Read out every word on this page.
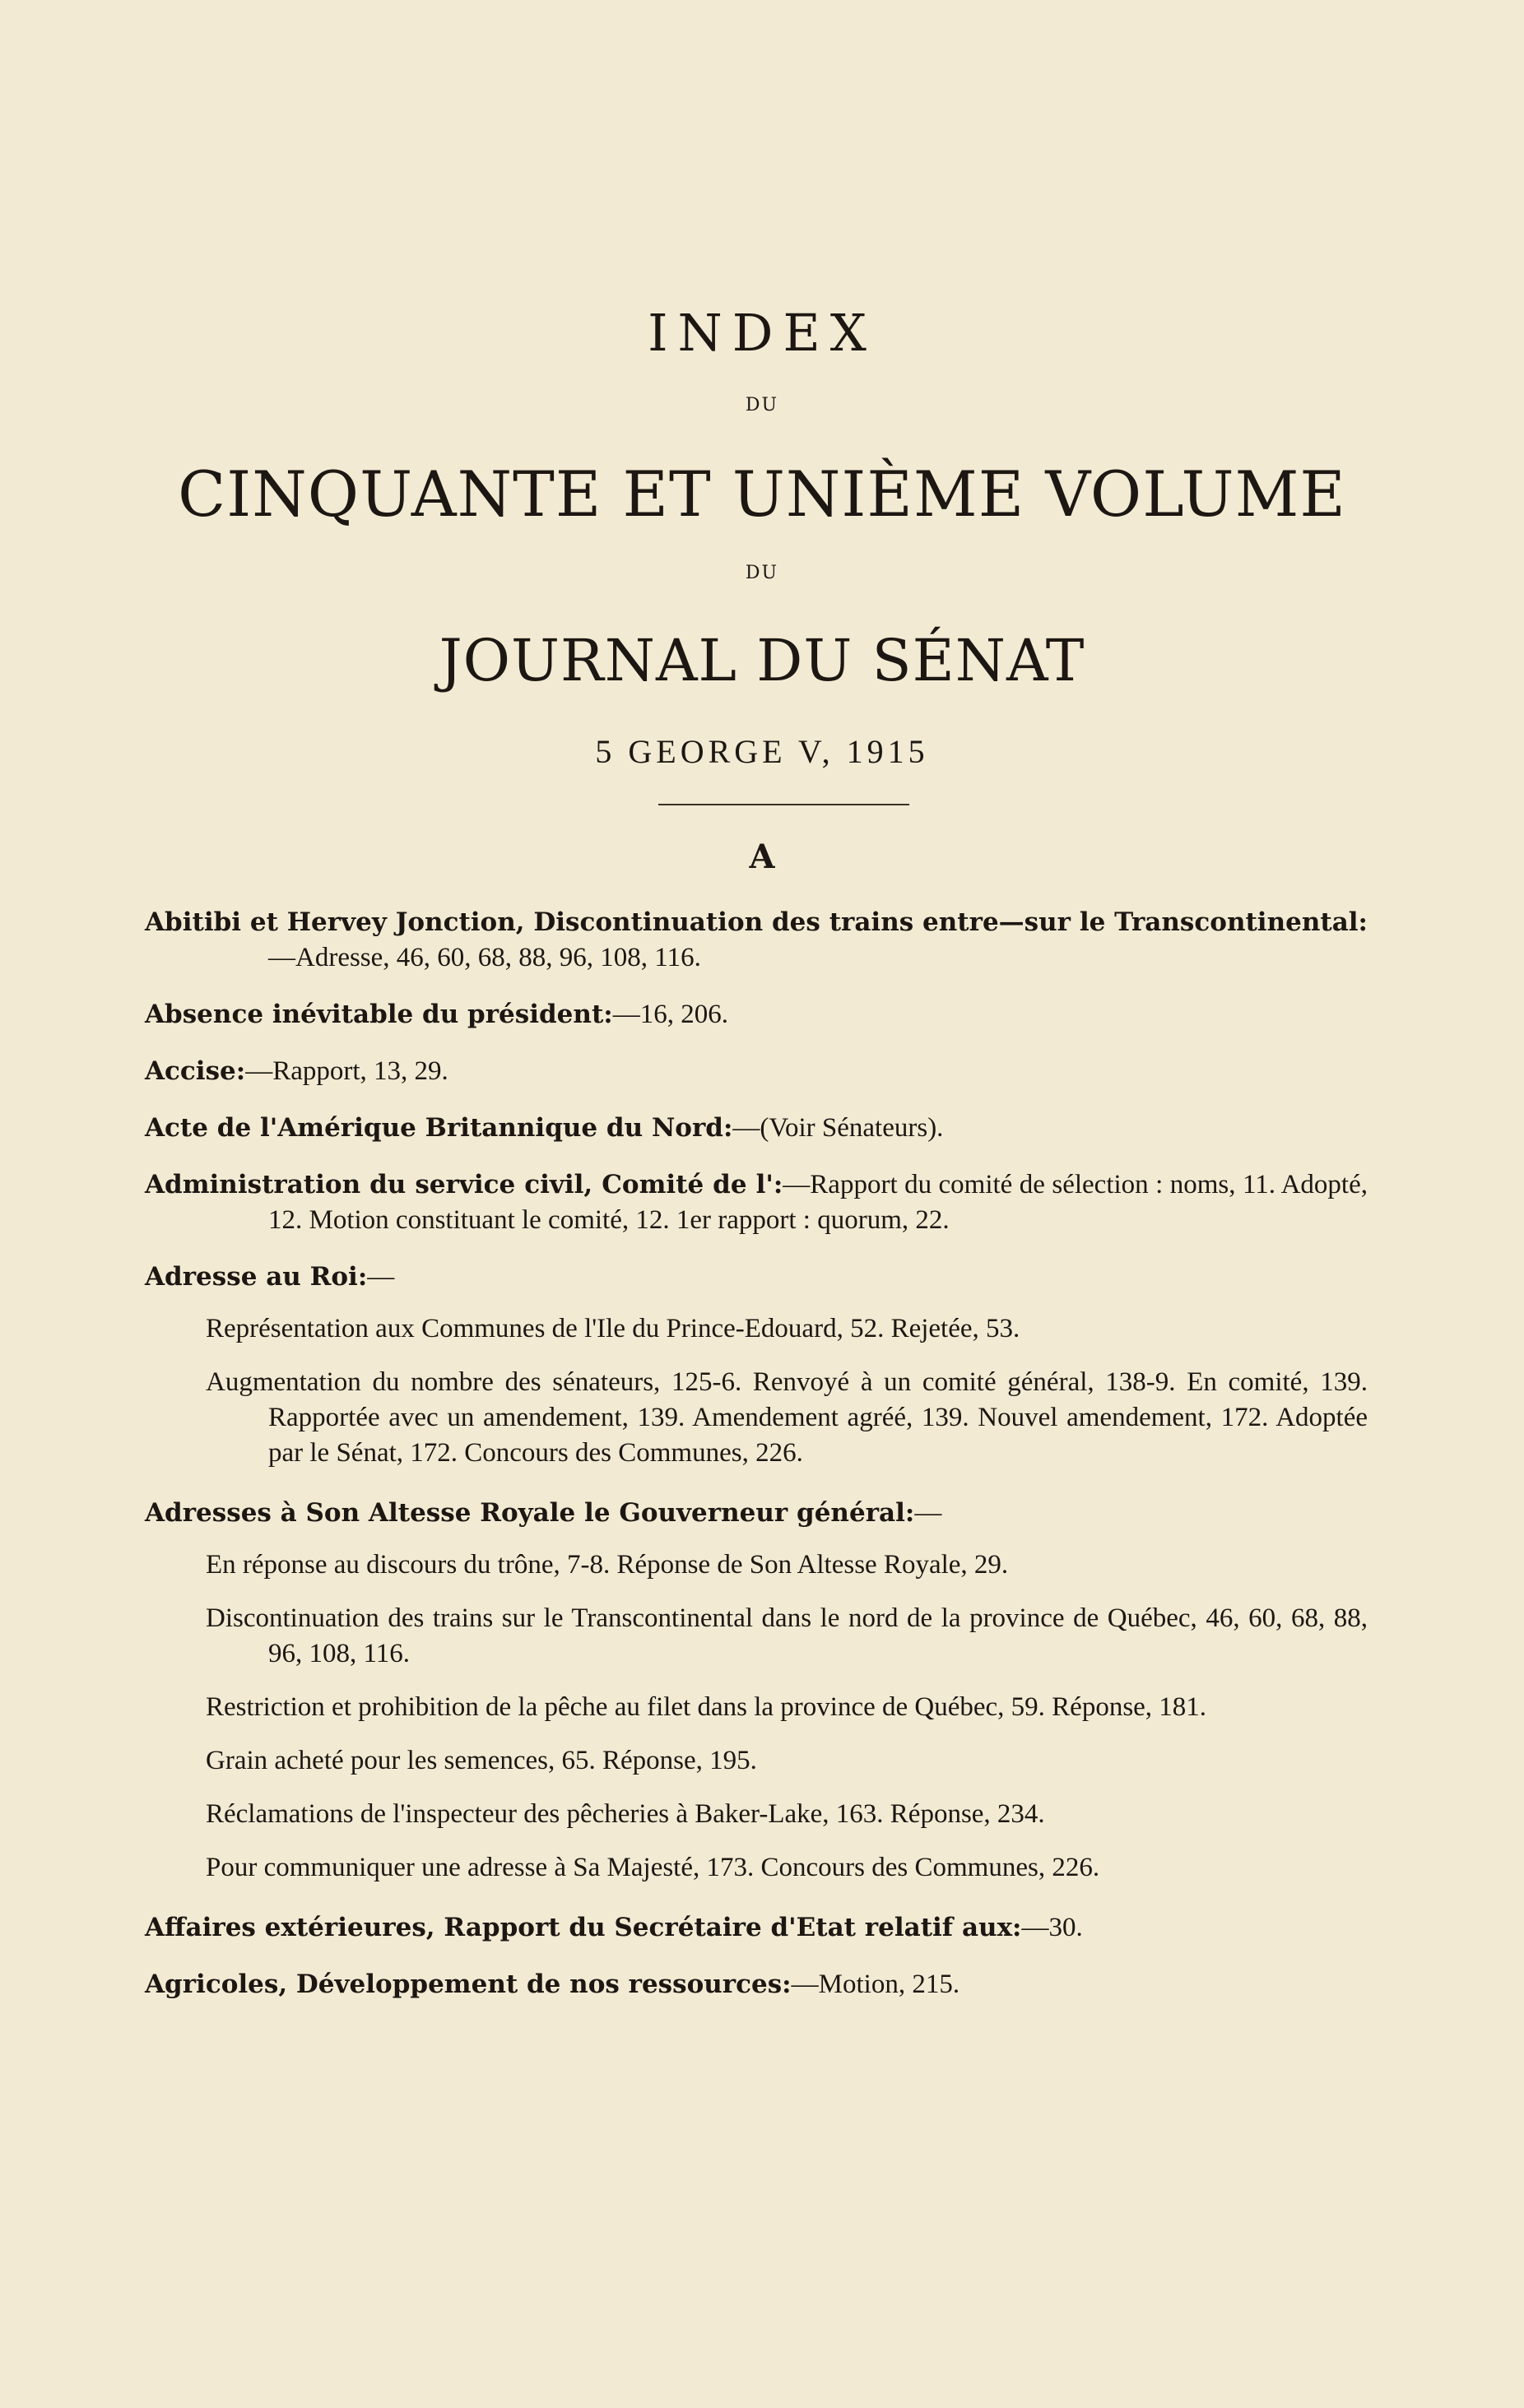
INDEX
DU
CINQUANTE ET UNIÈME VOLUME
DU
JOURNAL DU SÉNAT
5 GEORGE V, 1915
A
Abitibi et Hervey Jonction, Discontinuation des trains entre—sur le Transcontinental:—Adresse, 46, 60, 68, 88, 96, 108, 116.
Absence inévitable du président:—16, 206.
Accise:—Rapport, 13, 29.
Acte de l'Amérique Britannique du Nord:—(Voir Sénateurs).
Administration du service civil, Comité de l':—Rapport du comité de sélection : noms, 11. Adopté, 12. Motion constituant le comité, 12. 1er rapport : quorum, 22.
Adresse au Roi:—
Représentation aux Communes de l'Ile du Prince-Edouard, 52. Rejetée, 53.
Augmentation du nombre des sénateurs, 125-6. Renvoyé à un comité général, 138-9. En comité, 139. Rapportée avec un amendement, 139. Amendement agréé, 139. Nouvel amendement, 172. Adoptée par le Sénat, 172. Concours des Communes, 226.
Adresses à Son Altesse Royale le Gouverneur général:—
En réponse au discours du trône, 7-8. Réponse de Son Altesse Royale, 29.
Discontinuation des trains sur le Transcontinental dans le nord de la province de Québec, 46, 60, 68, 88, 96, 108, 116.
Restriction et prohibition de la pêche au filet dans la province de Québec, 59. Réponse, 181.
Grain acheté pour les semences, 65. Réponse, 195.
Réclamations de l'inspecteur des pêcheries à Baker-Lake, 163. Réponse, 234.
Pour communiquer une adresse à Sa Majesté, 173. Concours des Communes, 226.
Affaires extérieures, Rapport du Secrétaire d'Etat relatif aux:—30.
Agricoles, Développement de nos ressources:—Motion, 215.
